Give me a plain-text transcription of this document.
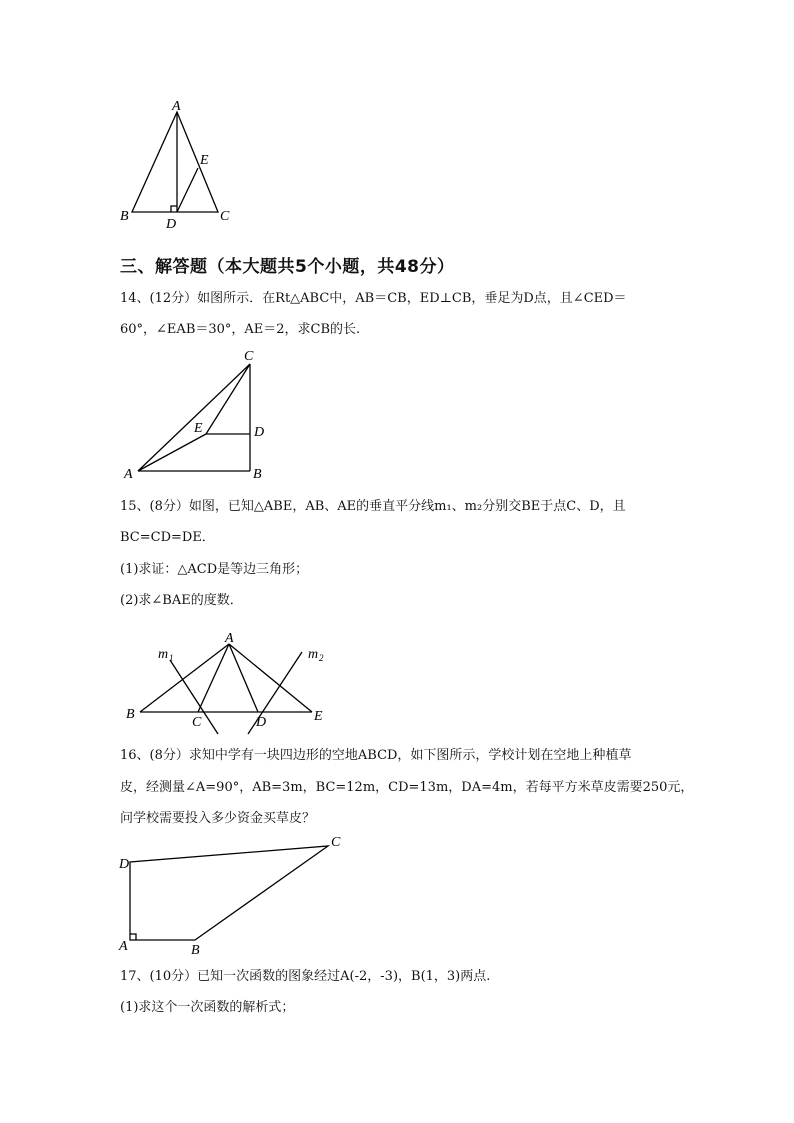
A
E
B
D
C
三、解答题（本大题共5个小题，共48分）
14、(12分）如图所示．在Rt△ABC中，AB＝CB，ED⊥CB，垂足为D点，且∠CED＝
60°，∠EAB＝30°，AE＝2，求CB的长.
C
E	D
A	B
15、(8分）如图，已知△ABE，AB、AE的垂直平分线m₁、m₂分别交BE于点C、D，且
BC=CD=DE．
(1)求证：△ACD是等边三角形；
(2)求∠BAE的度数．
A
m 1	m 2
B
C	D	E
16、(8分）求知中学有一块四边形的空地ABCD，如下图所示，学校计划在空地上种植草
皮，经测量∠A=90°，AB=3m，BC=12m，CD=13m，DA=4m，若每平方米草皮需要250元，
问学校需要投入多少资金买草皮？
D
C
A	B
17、(10分）已知一次函数的图象经过A(-2，-3)，B(1，3)两点.
(1)求这个一次函数的解析式；
